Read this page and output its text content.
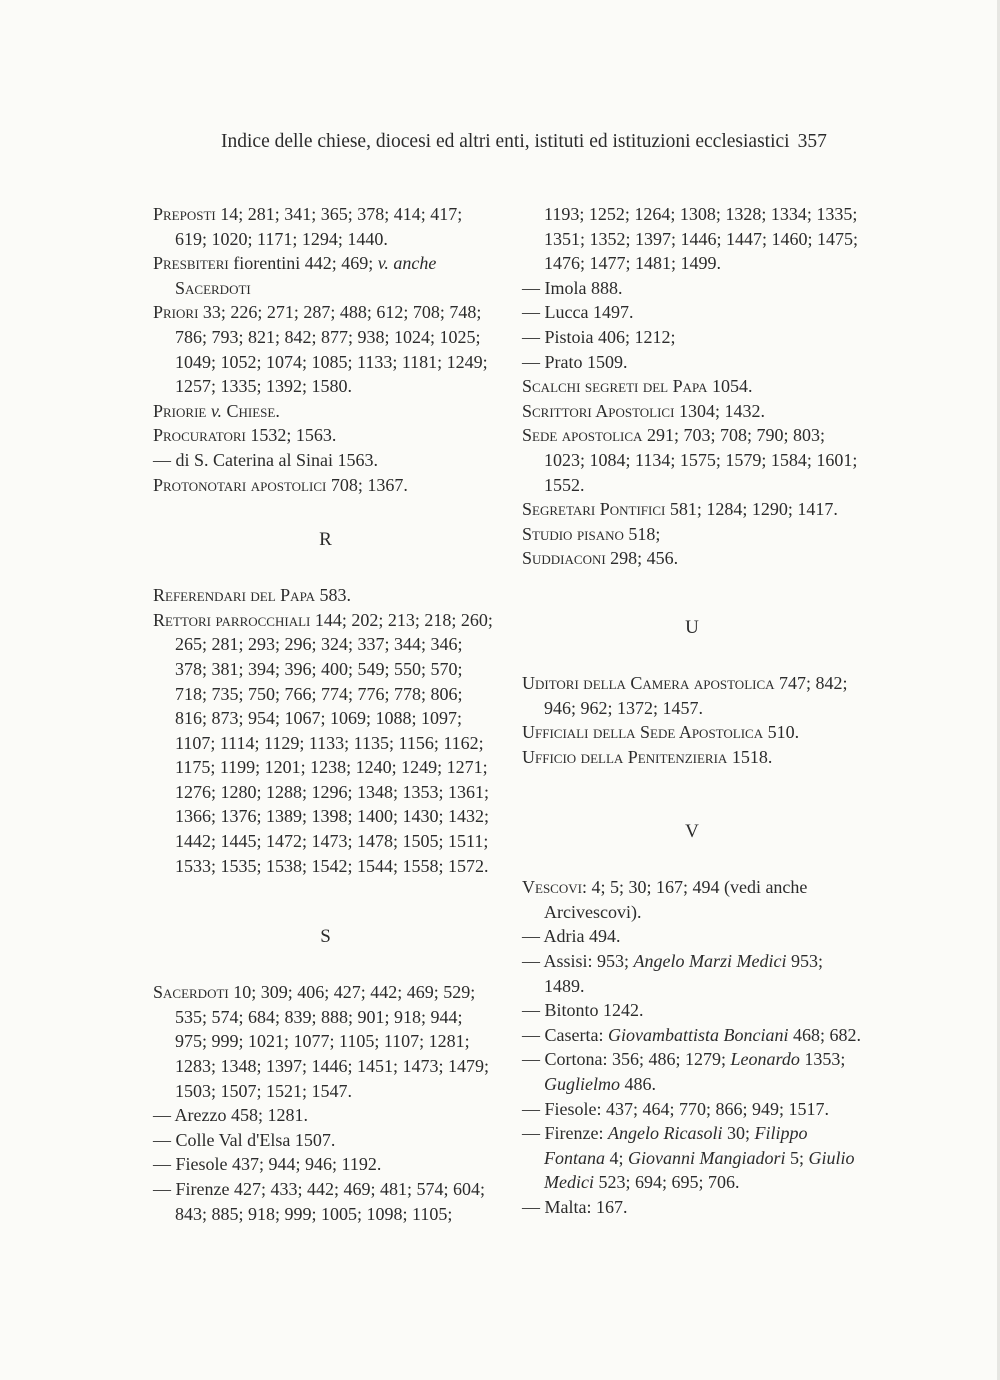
Indice delle chiese, diocesi ed altri enti, istituti ed istituzioni ecclesiastici 357
Preposti 14; 281; 341; 365; 378; 414; 417; 619; 1020; 1171; 1294; 1440.
Presbiteri fiorentini 442; 469; v. anche Sacerdoti
Priori 33; 226; 271; 287; 488; 612; 708; 748; 786; 793; 821; 842; 877; 938; 1024; 1025; 1049; 1052; 1074; 1085; 1133; 1181; 1249; 1257; 1335; 1392; 1580.
Priorie v. Chiese.
Procuratori 1532; 1563.
— di S. Caterina al Sinai 1563.
Protonotari apostolici 708; 1367.
R
Referendari del Papa 583.
Rettori parrocchiali 144; 202; 213; 218; 260; 265; 281; 293; 296; 324; 337; 344; 346; 378; 381; 394; 396; 400; 549; 550; 570; 718; 735; 750; 766; 774; 776; 778; 806; 816; 873; 954; 1067; 1069; 1088; 1097; 1107; 1114; 1129; 1133; 1135; 1156; 1162; 1175; 1199; 1201; 1238; 1240; 1249; 1271; 1276; 1280; 1288; 1296; 1348; 1353; 1361; 1366; 1376; 1389; 1398; 1400; 1430; 1432; 1442; 1445; 1472; 1473; 1478; 1505; 1511; 1533; 1535; 1538; 1542; 1544; 1558; 1572.
S
Sacerdoti 10; 309; 406; 427; 442; 469; 529; 535; 574; 684; 839; 888; 901; 918; 944; 975; 999; 1021; 1077; 1105; 1107; 1281; 1283; 1348; 1397; 1446; 1451; 1473; 1479; 1503; 1507; 1521; 1547.
— Arezzo 458; 1281.
— Colle Val d'Elsa 1507.
— Fiesole 437; 944; 946; 1192.
— Firenze 427; 433; 442; 469; 481; 574; 604; 843; 885; 918; 999; 1005; 1098; 1105;
1193; 1252; 1264; 1308; 1328; 1334; 1335; 1351; 1352; 1397; 1446; 1447; 1460; 1475; 1476; 1477; 1481; 1499.
— Imola 888.
— Lucca 1497.
— Pistoia 406; 1212;
— Prato 1509.
Scalchi segreti del Papa 1054.
Scrittori Apostolici 1304; 1432.
Sede apostolica 291; 703; 708; 790; 803; 1023; 1084; 1134; 1575; 1579; 1584; 1601; 1552.
Segretari Pontifici 581; 1284; 1290; 1417.
Studio pisano 518;
Suddiaconi 298; 456.
U
Uditori della Camera apostolica 747; 842; 946; 962; 1372; 1457.
Ufficiali della Sede Apostolica 510.
Ufficio della Penitenzieria 1518.
V
Vescovi: 4; 5; 30; 167; 494 (vedi anche Arcivescovi).
— Adria 494.
— Assisi: 953; Angelo Marzi Medici 953; 1489.
— Bitonto 1242.
— Caserta: Giovambattista Bonciani 468; 682.
— Cortona: 356; 486; 1279; Leonardo 1353; Guglielmo 486.
— Fiesole: 437; 464; 770; 866; 949; 1517.
— Firenze: Angelo Ricasoli 30; Filippo Fontana 4; Giovanni Mangiadori 5; Giulio Medici 523; 694; 695; 706.
— Malta: 167.
